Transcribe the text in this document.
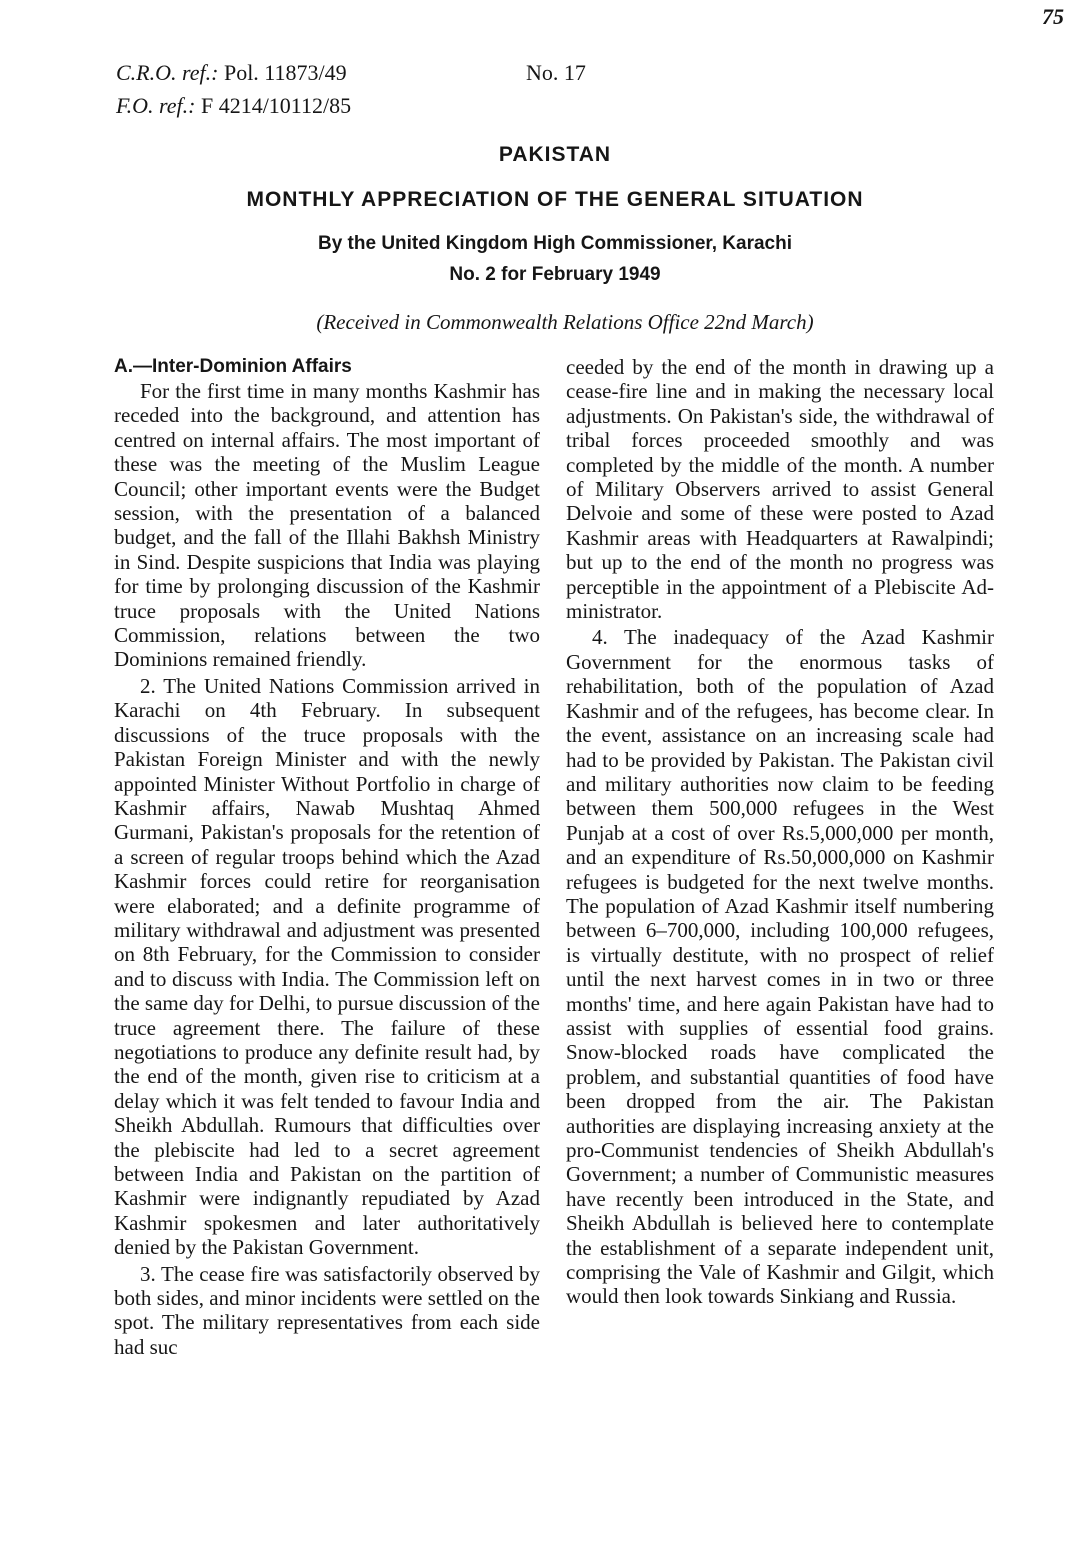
75
C.R.O. ref.: Pol. 11873/49
F.O. ref.: F 4214/10112/85
No. 17
PAKISTAN
MONTHLY APPRECIATION OF THE GENERAL SITUATION
By the United Kingdom High Commissioner, Karachi
No. 2 for February 1949
(Received in Commonwealth Relations Office 22nd March)
A.—Inter-Dominion Affairs

For the first time in many months Kashmir has receded into the background, and attention has centred on internal affairs. The most important of these was the meeting of the Muslim League Council; other important events were the Budget session, with the presentation of a balanced budget, and the fall of the Illahi Bakhsh Ministry in Sind. Despite suspicions that India was playing for time by prolonging discussion of the Kashmir truce proposals with the United Nations Commission, relations between the two Dominions remained friendly.

2. The United Nations Commission arrived in Karachi on 4th February. In subsequent discussions of the truce proposals with the Pakistan Foreign Minister and with the newly appointed Minister Without Portfolio in charge of Kashmir affairs, Nawab Mushtaq Ahmed Gurmani, Pakistan's proposals for the retention of a screen of regular troops behind which the Azad Kashmir forces could retire for reorganisation were elaborated; and a definite programme of military withdrawal and adjustment was presented on 8th February, for the Commission to consider and to discuss with India. The Commission left on the same day for Delhi, to pursue discussion of the truce agreement there. The failure of these negotiations to produce any definite result had, by the end of the month, given rise to criticism at a delay which it was felt tended to favour India and Sheikh Abdullah. Rumours that difficulties over the plebiscite had led to a secret agreement between India and Pakistan on the partition of Kashmir were indignantly repudiated by Azad Kashmir spokesmen and later authoritatively denied by the Pakistan Government.

3. The cease fire was satisfactorily observed by both sides, and minor incidents were settled on the spot. The military representatives from each side had suc

ceeded by the end of the month in drawing up a cease-fire line and in making the necessary local adjustments. On Pakistan's side, the withdrawal of tribal forces proceeded smoothly and was completed by the middle of the month. A number of Military Observers arrived to assist General Delvoie and some of these were posted to Azad Kashmir areas with Headquarters at Rawalpindi; but up to the end of the month no progress was perceptible in the appointment of a Plebiscite Administrator.

4. The inadequacy of the Azad Kashmir Government for the enormous tasks of rehabilitation, both of the population of Azad Kashmir and of the refugees, has become clear. In the event, assistance on an increasing scale had had to be provided by Pakistan. The Pakistan civil and military authorities now claim to be feeding between them 500,000 refugees in the West Punjab at a cost of over Rs.5,000,000 per month, and an expenditure of Rs.50,000,000 on Kashmir refugees is budgeted for the next twelve months. The population of Azad Kashmir itself numbering between 6–700,000, including 100,000 refugees, is virtually destitute, with no prospect of relief until the next harvest comes in in two or three months' time, and here again Pakistan have had to assist with supplies of essential food grains. Snow-blocked roads have complicated the problem, and substantial quantities of food have been dropped from the air. The Pakistan authorities are displaying increasing anxiety at the pro-Communist tendencies of Sheikh Abdullah's Government; a number of Communistic measures have recently been introduced in the State, and Sheikh Abdullah is believed here to contemplate the establishment of a separate independent unit, comprising the Vale of Kashmir and Gilgit, which would then look towards Sinkiang and Russia.
